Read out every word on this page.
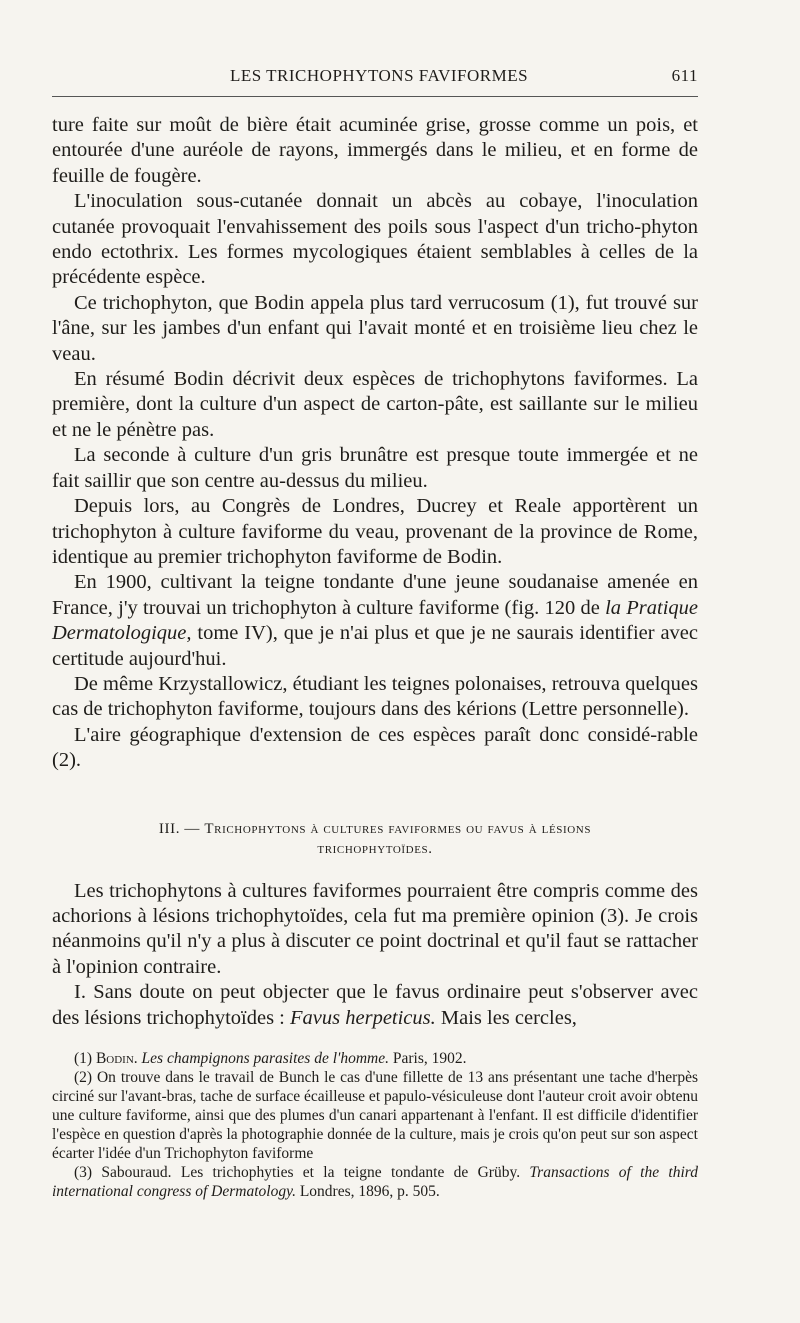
LES TRICHOPHYTONS FAVIFORMES	611

ture faite sur moût de bière était acuminée grise, grosse comme un pois, et entourée d'une auréole de rayons, immergés dans le milieu, et en forme de feuille de fougère.

L'inoculation sous-cutanée donnait un abcès au cobaye, l'inoculation cutanée provoquait l'envahissement des poils sous l'aspect d'un tricho-phyton endo ectothrix. Les formes mycologiques étaient semblables à celles de la précédente espèce.

Ce trichophyton, que Bodin appela plus tard verrucosum (1), fut trouvé sur l'âne, sur les jambes d'un enfant qui l'avait monté et en troisième lieu chez le veau.

En résumé Bodin décrivit deux espèces de trichophytons faviformes. La première, dont la culture d'un aspect de carton-pâte, est saillante sur le milieu et ne le pénètre pas.

La seconde à culture d'un gris brunâtre est presque toute immergée et ne fait saillir que son centre au-dessus du milieu.

Depuis lors, au Congrès de Londres, Ducrey et Reale apportèrent un trichophyton à culture faviforme du veau, provenant de la province de Rome, identique au premier trichophyton faviforme de Bodin.

En 1900, cultivant la teigne tondante d'une jeune soudanaise amenée en France, j'y trouvai un trichophyton à culture faviforme (fig. 120 de la Pratique Dermatologique, tome IV), que je n'ai plus et que je ne saurais identifier avec certitude aujourd'hui.

De même Krzystallowicz, étudiant les teignes polonaises, retrouva quelques cas de trichophyton faviforme, toujours dans des kérions (Lettre personnelle).

L'aire géographique d'extension de ces espèces paraît donc considé-rable (2).

III. — Trichophytons à cultures faviformes ou favus à lésions
trichophytoïdes.

Les trichophytons à cultures faviformes pourraient être compris comme des achorions à lésions trichophytoïdes, cela fut ma première opinion (3). Je crois néanmoins qu'il n'y a plus à discuter ce point doctrinal et qu'il faut se rattacher à l'opinion contraire.

I. Sans doute on peut objecter que le favus ordinaire peut s'observer avec des lésions trichophytoïdes : Favus herpeticus. Mais les cercles,

(1) Bodin. Les champignons parasites de l'homme. Paris, 1902.

(2) On trouve dans le travail de Bunch le cas d'une fillette de 13 ans présentant une tache d'herpès circiné sur l'avant-bras, tache de surface écailleuse et papulo-vésiculeuse dont l'auteur croit avoir obtenu une culture faviforme, ainsi que des plumes d'un canari appartenant à l'enfant. Il est difficile d'identifier l'espèce en question d'après la photographie donnée de la culture, mais je crois qu'on peut sur son aspect écarter l'idée d'un Trichophyton faviforme

(3) Sabouraud. Les trichophyties et la teigne tondante de Grüby. Transactions of the third international congress of Dermatology. Londres, 1896, p. 505.
